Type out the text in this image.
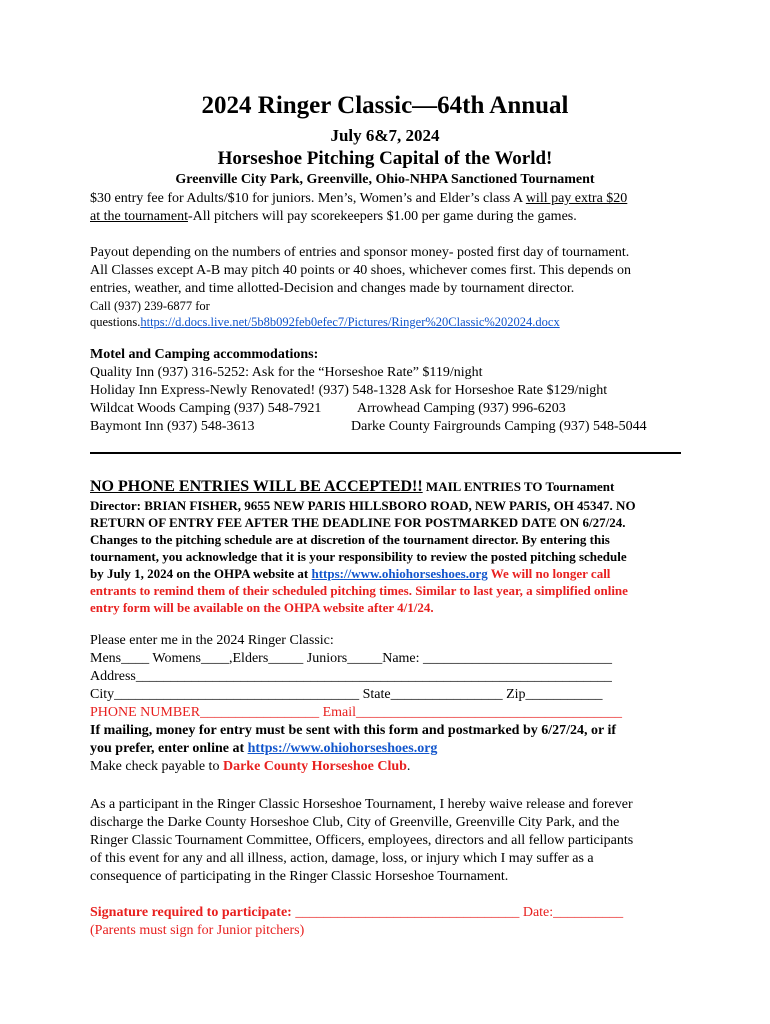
2024 Ringer Classic—64th Annual
July 6&7, 2024
Horseshoe Pitching Capital of the World!
Greenville City Park, Greenville, Ohio-NHPA Sanctioned Tournament
$30 entry fee for Adults/$10 for juniors. Men’s, Women’s and Elder’s class A will pay extra $20
at the tournament-All pitchers will pay scorekeepers $1.00 per game during the games.
Payout depending on the numbers of entries and sponsor money- posted first day of tournament.
All Classes except A-B may pitch 40 points or 40 shoes, whichever comes first. This depends on
entries, weather, and time allotted-Decision and changes made by tournament director.
Call (937) 239-6877 for
questions.https://d.docs.live.net/5b8b092feb0efec7/Pictures/Ringer%20Classic%202024.docx
Motel and Camping accommodations:
Quality Inn (937) 316-5252: Ask for the “Horseshoe Rate” $119/night
Holiday Inn Express-Newly Renovated! (937) 548-1328 Ask for Horseshoe Rate $129/night
Wildcat Woods Camping (937) 548-7921	Arrowhead Camping (937) 996-6203
Baymont Inn (937) 548-3613	Darke County Fairgrounds Camping (937) 548-5044
NO PHONE ENTRIES WILL BE ACCEPTED!! MAIL ENTRIES TO Tournament
Director: BRIAN FISHER, 9655 NEW PARIS HILLSBORO ROAD, NEW PARIS, OH 45347. NO
RETURN OF ENTRY FEE AFTER THE DEADLINE FOR POSTMARKED DATE ON 6/27/24.
Changes to the pitching schedule are at discretion of the tournament director. By entering this
tournament, you acknowledge that it is your responsibility to review the posted pitching schedule
by July 1, 2024 on the OHPA website at https://www.ohiohorseshoes.org We will no longer call
entrants to remind them of their scheduled pitching times. Similar to last year, a simplified online
entry form will be available on the OHPA website after 4/1/24.
Please enter me in the 2024 Ringer Classic:
Mens____ Womens____,Elders_____ Juniors_____Name: ___________________________
Address____________________________________________________________________
City___________________________________ State________________ Zip___________
PHONE NUMBER_________________ Email______________________________________
If mailing, money for entry must be sent with this form and postmarked by 6/27/24, or if
you prefer, enter online at https://www.ohiohorseshoes.org
Make check payable to Darke County Horseshoe Club.
As a participant in the Ringer Classic Horseshoe Tournament, I hereby waive release and forever
discharge the Darke County Horseshoe Club, City of Greenville, Greenville City Park, and the
Ringer Classic Tournament Committee, Officers, employees, directors and all fellow participants
of this event for any and all illness, action, damage, loss, or injury which I may suffer as a
consequence of participating in the Ringer Classic Horseshoe Tournament.
Signature required to participate: ________________________________ Date:__________
(Parents must sign for Junior pitchers)
